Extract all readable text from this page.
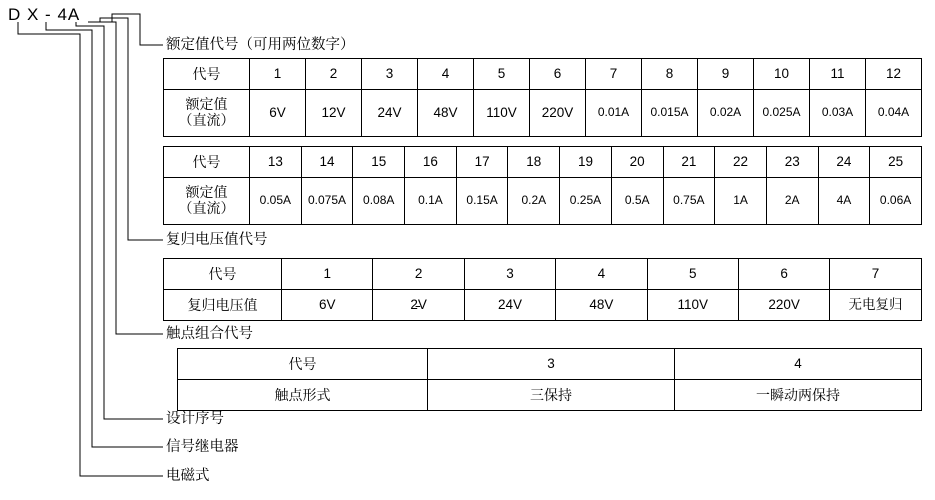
D X - 4A
额定值代号（可用两位数字）
复归电压值代号
触点组合代号
设计序号
信号继电器
电磁式
代号	1	2	3	4	5	6	7	8	9	10	11	12

额定值
（直流）	6V	12V	24V	48V	110V	220V	0.01A	0.015A	0.02A	0.025A	0.03A	0.04A
代号	13	14	15	16	17	18	19	20	21	22	23	24	25

额定值
（直流）	0.05A	0.075A	0.08A	0.1A	0.15A	0.2A	0.25A	0.5A	0.75A	1A	2A	4A	0.06A
代号	1	2	3	4	5	6	7
复归电压值	6V	2̵V	24V	48V	110V	220V	无电复归
代号	3	4
触点形式	三保持	一瞬动两保持
